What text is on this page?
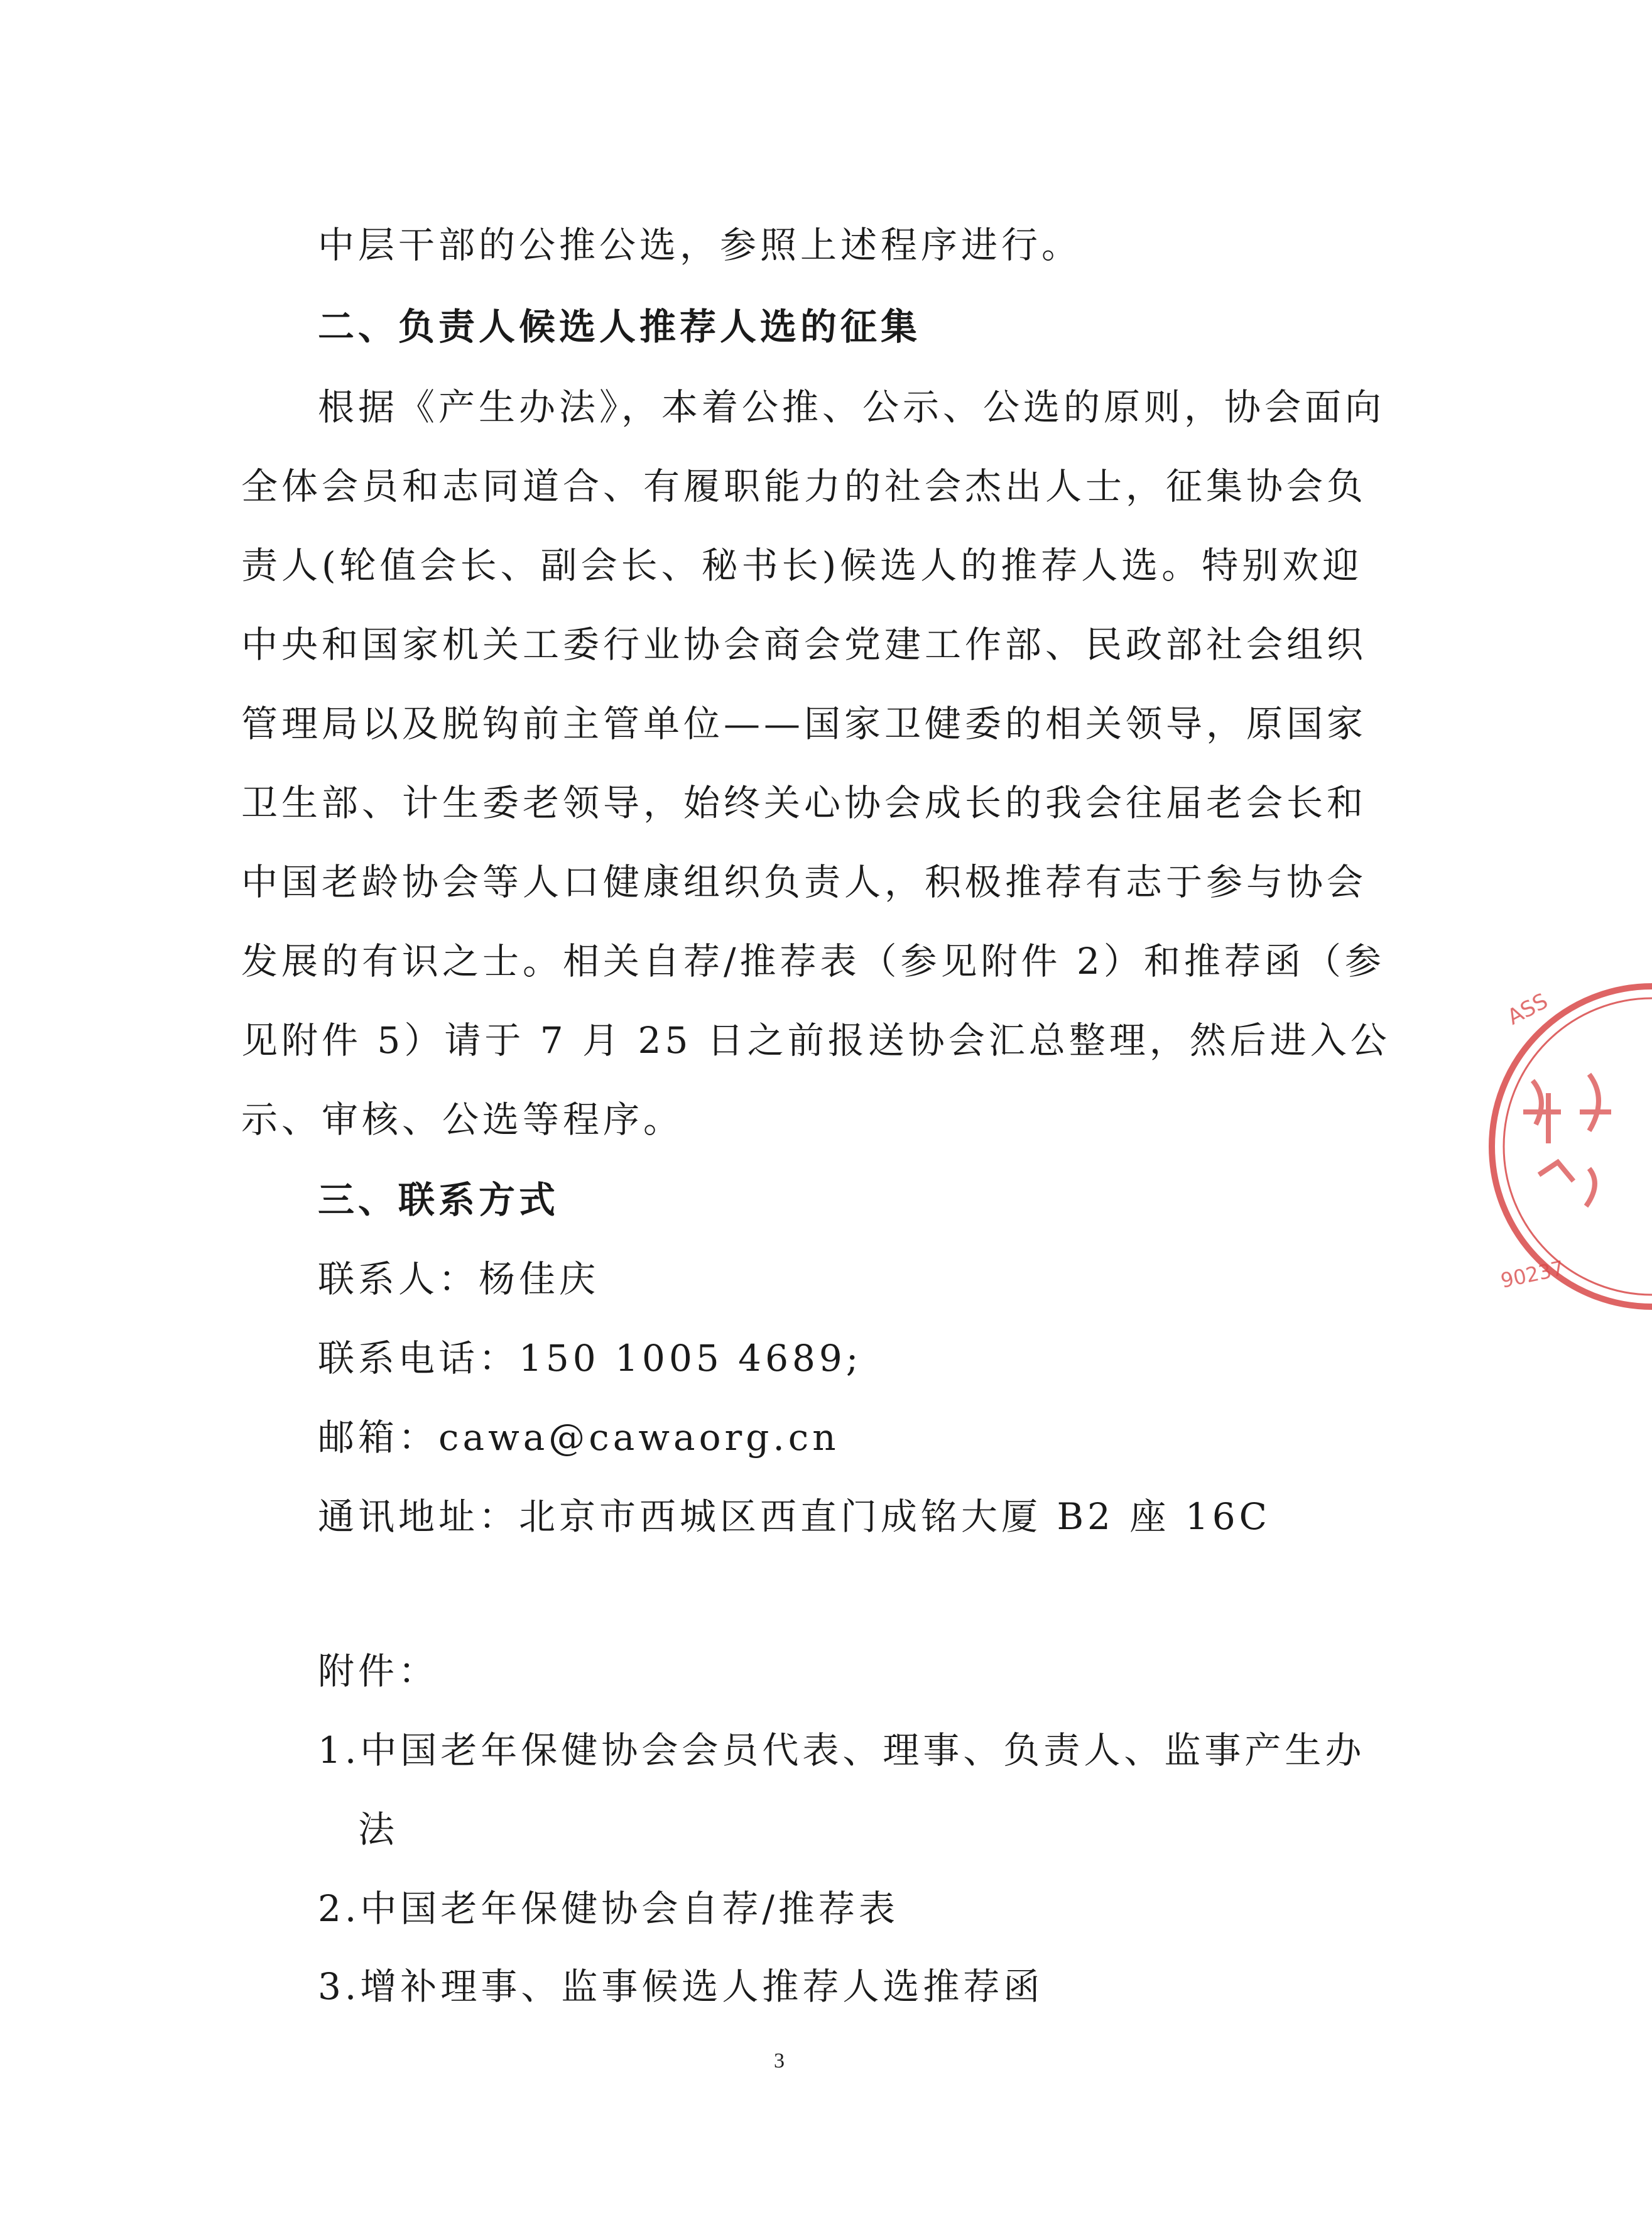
中层干部的公推公选，参照上述程序进行。
二、负责人候选人推荐人选的征集
根据《产生办法》，本着公推、公示、公选的原则，协会面向
全体会员和志同道合、有履职能力的社会杰出人士，征集协会负
责人(轮值会长、副会长、秘书长)候选人的推荐人选。特别欢迎
中央和国家机关工委行业协会商会党建工作部、民政部社会组织
管理局以及脱钩前主管单位——国家卫健委的相关领导，原国家
卫生部、计生委老领导，始终关心协会成长的我会往届老会长和
中国老龄协会等人口健康组织负责人，积极推荐有志于参与协会
发展的有识之士。相关自荐/推荐表（参见附件 2）和推荐函（参
见附件 5）请于 7 月 25 日之前报送协会汇总整理，然后进入公
示、审核、公选等程序。
三、联系方式
联系人：杨佳庆
联系电话：150 1005 4689;
邮箱：cawa@cawaorg.cn
通讯地址：北京市西城区西直门成铭大厦 B2 座 16C
附件：
1.中国老年保健协会会员代表、理事、负责人、监事产生办
法
2.中国老年保健协会自荐/推荐表
3.增补理事、监事候选人推荐人选推荐函
3
ASS
90237
